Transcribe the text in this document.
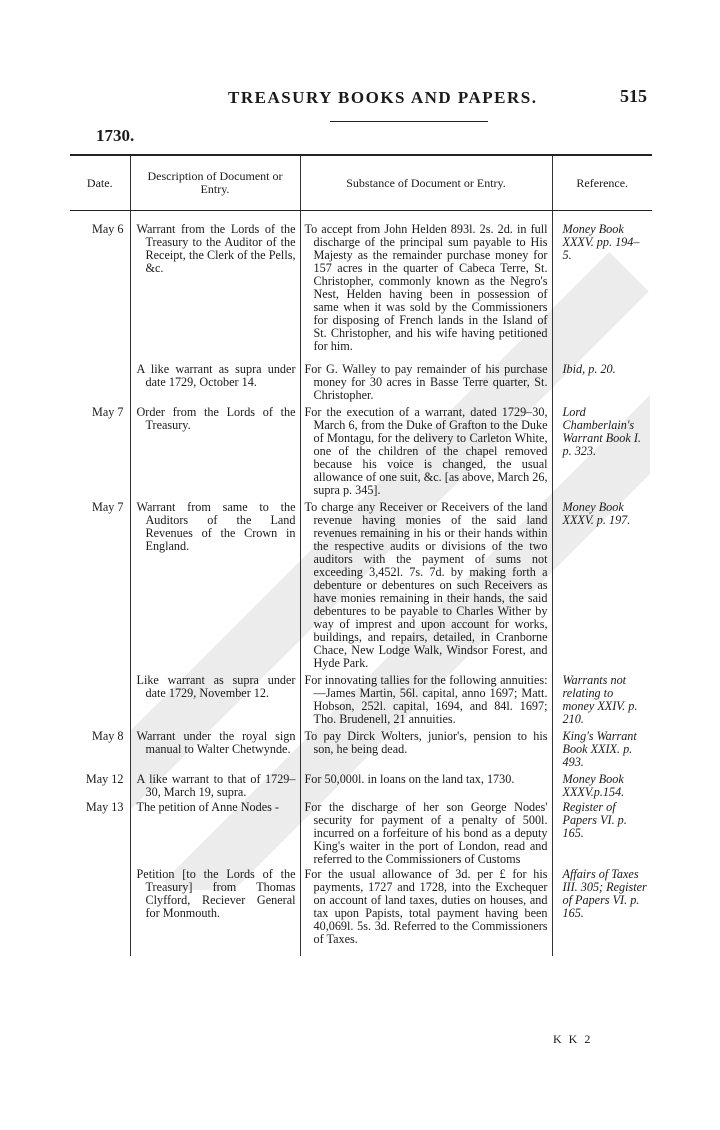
TREASURY BOOKS AND PAPERS.	515
1730.
Date.	Description of Document or Entry.	Substance of Document or Entry.	Reference.

May 6	Warrant from the Lords of the Treasury to the Auditor of the Receipt, the Clerk of the Pells, &c.	To accept from John Helden 893l. 2s. 2d. in full discharge of the principal sum payable to His Majesty as the remainder purchase money for 157 acres in the quarter of Cabeca Terre, St. Christopher, commonly known as the Negro's Nest, Helden having been in possession of same when it was sold by the Commissioners for disposing of French lands in the Island of St. Christopher, and his wife having petitioned for him.	Money Book XXXV. pp. 194–5.

	A like warrant as supra under date 1729, October 14.	For G. Walley to pay remainder of his purchase money for 30 acres in Basse Terre quarter, St. Christopher.	Ibid, p. 20.

May 7	Order from the Lords of the Treasury.	For the execution of a warrant, dated 1729–30, March 6, from the Duke of Grafton to the Duke of Montagu, for the delivery to Carleton White, one of the children of the chapel removed because his voice is changed, the usual allowance of one suit, &c. [as above, March 26, supra p. 345].	Lord Chamberlain's Warrant Book I. p. 323.

May 7	Warrant from same to the Auditors of the Land Revenues of the Crown in England.	To charge any Receiver or Receivers of the land revenue having monies of the said land revenues remaining in his or their hands within the respective audits or divisions of the two auditors with the payment of sums not exceeding 3,452l. 7s. 7d. by making forth a debenture or debentures on such Receivers as have monies remaining in their hands, the said debentures to be payable to Charles Wither by way of imprest and upon account for works, buildings, and repairs, detailed, in Cranborne Chace, New Lodge Walk, Windsor Forest, and Hyde Park.	Money Book XXXV. p. 197.

	Like warrant as supra under date 1729, November 12.	For innovating tallies for the following annuities:—James Martin, 56l. capital, anno 1697; Matt. Hobson, 252l. capital, 1694, and 84l. 1697; Tho. Brudenell, 21 annuities.	Warrants not relating to money XXIV. p. 210.

May 8	Warrant under the royal sign manual to Walter Chetwynde.	To pay Dirck Wolters, junior's, pension to his son, he being dead.	King's Warrant Book XXIX. p. 493.

May 12	A like warrant to that of 1729–30, March 19, supra.	For 50,000l. in loans on the land tax, 1730.	Money Book XXXV.p.154.

May 13	The petition of Anne Nodes -	For the discharge of her son George Nodes' security for payment of a penalty of 500l. incurred on a forfeiture of his bond as a deputy King's waiter in the port of London, read and referred to the Commissioners of Customs	Register of Papers VI. p. 165.

	Petition [to the Lords of the Treasury] from Thomas Clyfford, Reciever General for Monmouth.	For the usual allowance of 3d. per £ for his payments, 1727 and 1728, into the Exchequer on account of land taxes, duties on houses, and tax upon Papists, total payment having been 40,069l. 5s. 3d. Referred to the Commissioners of Taxes.	Affairs of Taxes III. 305; Register of Papers VI. p. 165.
K K 2
